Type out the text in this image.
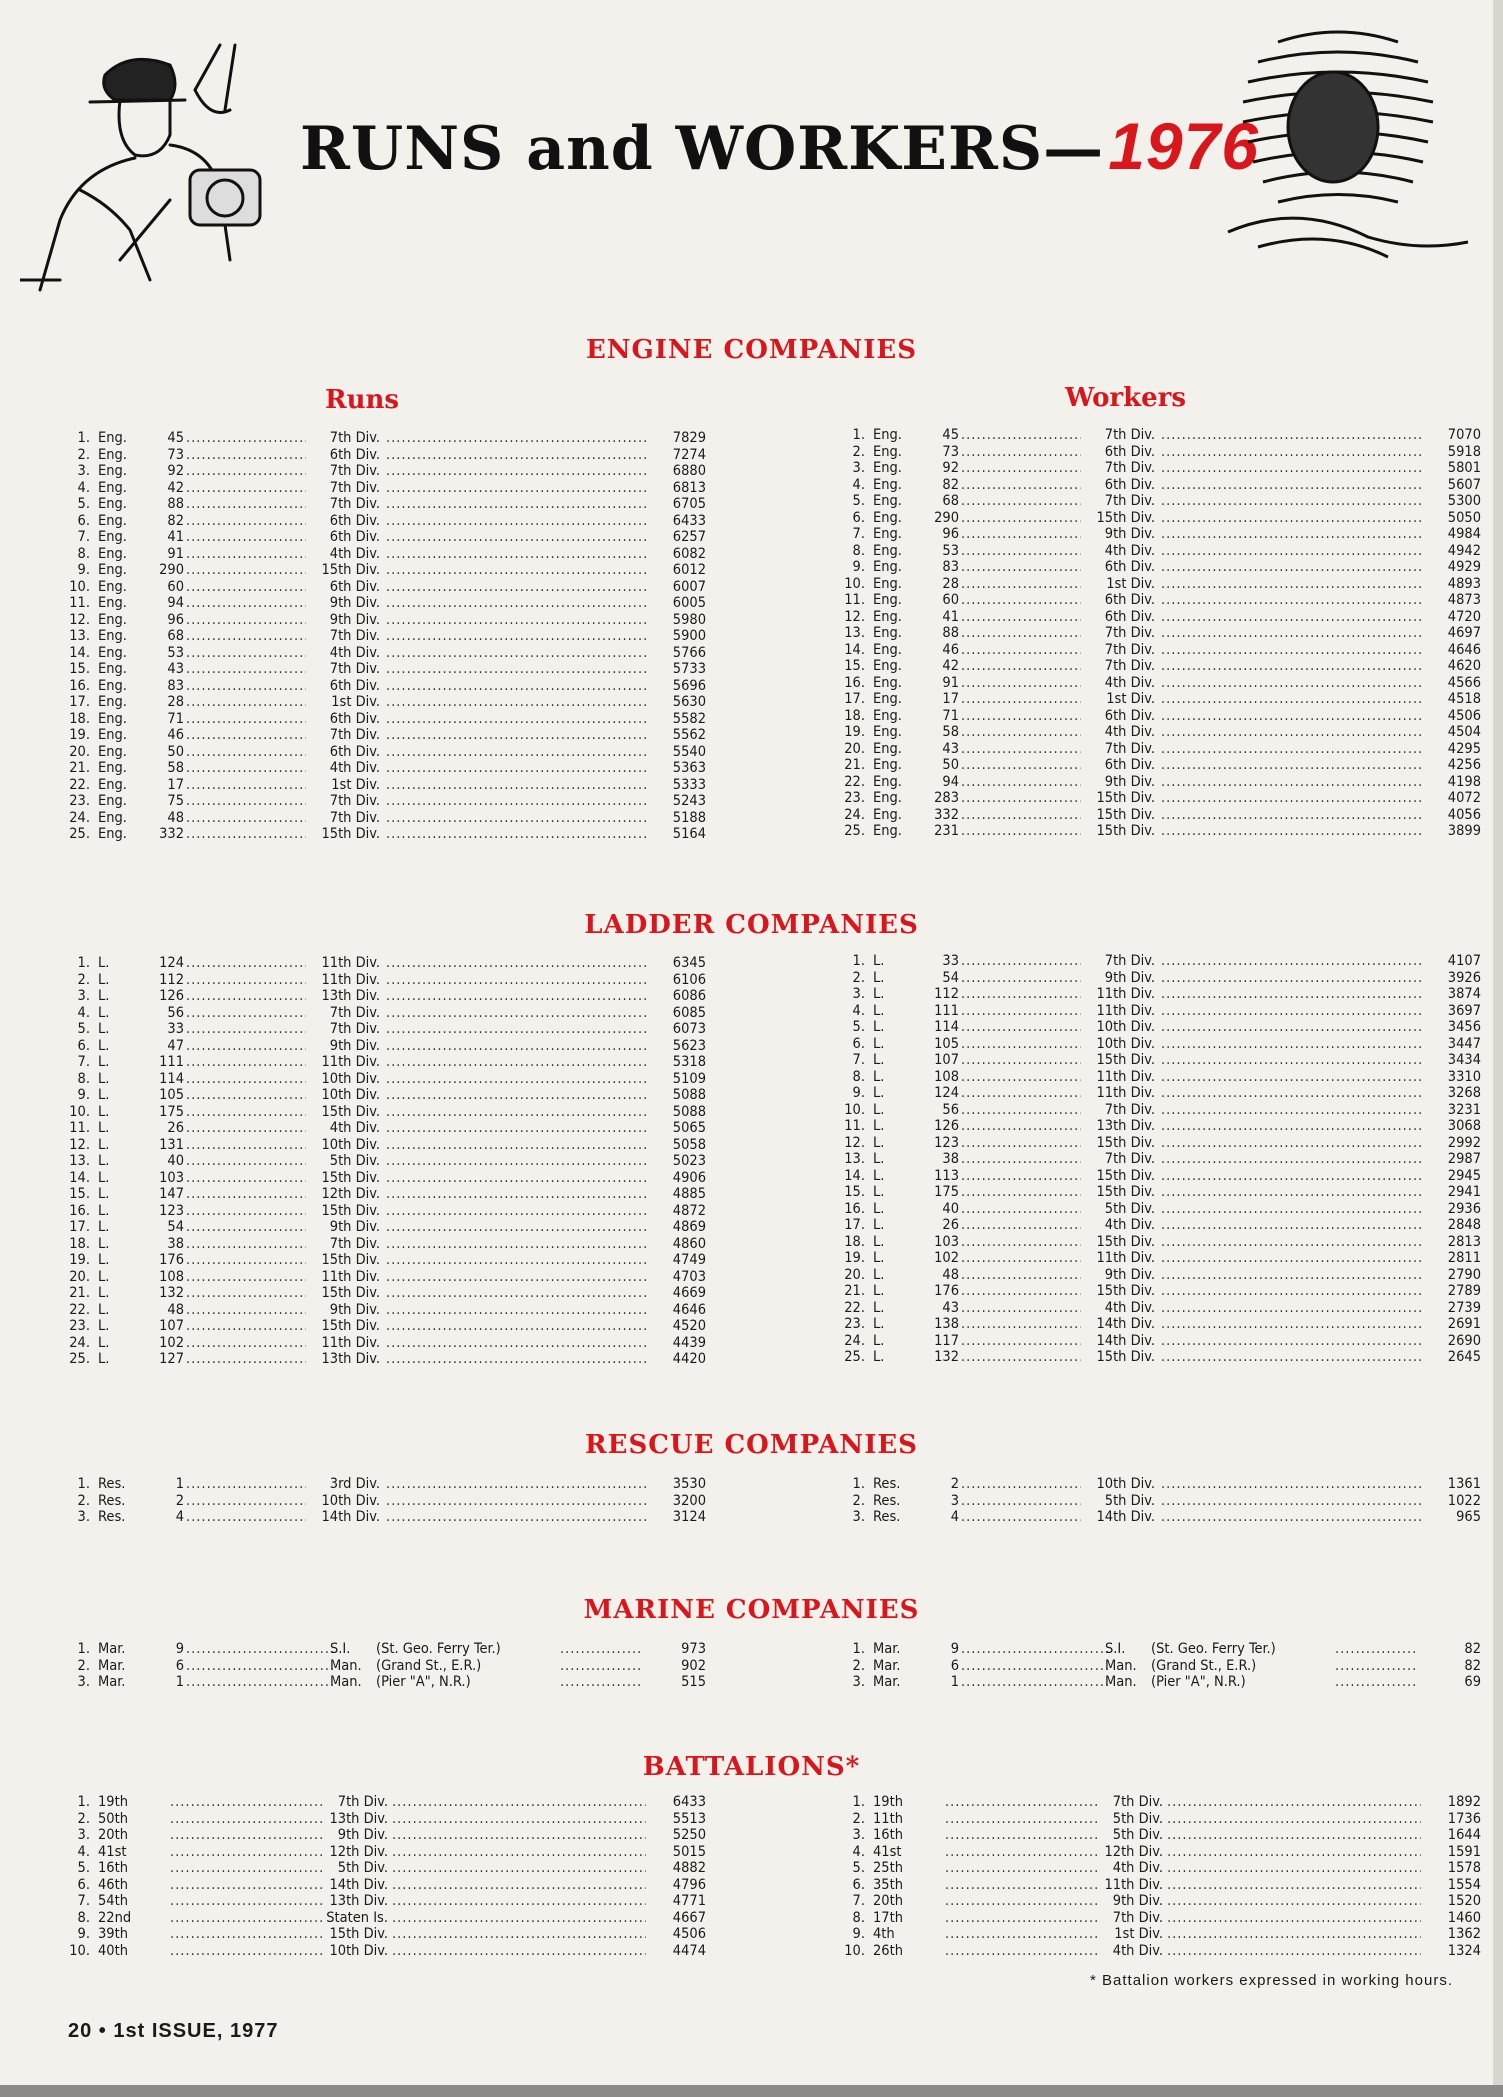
RUNS and WORKERS—1976
ENGINE COMPANIES
Runs	Workers
1. Eng.	45 .....	7th Div. .....	7829
2. Eng.	73 .....	6th Div. .....	7274
3. Eng.	92 .....	7th Div. .....	6880
4. Eng.	42 .....	7th Div. .....	6813
5. Eng.	88 .....	7th Div. .....	6705
6. Eng.	82 .....	6th Div. .....	6433
7. Eng.	41 .....	6th Div. .....	6257
8. Eng.	91 .....	4th Div. .....	6082
9. Eng.	290 .....	15th Div. .....	6012
10. Eng.	60 .....	6th Div. .....	6007
11. Eng.	94 .....	9th Div. .....	6005
12. Eng.	96 .....	9th Div. .....	5980
13. Eng.	68 .....	7th Div. .....	5900
14. Eng.	53 .....	4th Div. .....	5766
15. Eng.	43 .....	7th Div. .....	5733
16. Eng.	83 .....	6th Div. .....	5696
17. Eng.	28 .....	1st Div. .....	5630
18. Eng.	71 .....	6th Div. .....	5582
19. Eng.	46 .....	7th Div. .....	5562
20. Eng.	50 .....	6th Div. .....	5540
21. Eng.	58 .....	4th Div. .....	5363
22. Eng.	17 .....	1st Div. .....	5333
23. Eng.	75 .....	7th Div. .....	5243
24. Eng.	48 .....	7th Div. .....	5188
25. Eng.	332 .....	15th Div. .....	5164
1. Eng.	45 .....	7th Div. .....	7070
2. Eng.	73 .....	6th Div. .....	5918
3. Eng.	92 .....	7th Div. .....	5801
4. Eng.	82 .....	6th Div. .....	5607
5. Eng.	68 .....	7th Div. .....	5300
6. Eng.	290 .....	15th Div. .....	5050
7. Eng.	96 .....	9th Div. .....	4984
8. Eng.	53 .....	4th Div. .....	4942
9. Eng.	83 .....	6th Div. .....	4929
10. Eng.	28 .....	1st Div. .....	4893
11. Eng.	60 .....	6th Div. .....	4873
12. Eng.	41 .....	6th Div. .....	4720
13. Eng.	88 .....	7th Div. .....	4697
14. Eng.	46 .....	7th Div. .....	4646
15. Eng.	42 .....	7th Div. .....	4620
16. Eng.	91 .....	4th Div. .....	4566
17. Eng.	17 .....	1st Div. .....	4518
18. Eng.	71 .....	6th Div. .....	4506
19. Eng.	58 .....	4th Div. .....	4504
20. Eng.	43 .....	7th Div. .....	4295
21. Eng.	50 .....	6th Div. .....	4256
22. Eng.	94 .....	9th Div. .....	4198
23. Eng.	283 .....	15th Div. .....	4072
24. Eng.	332 .....	15th Div. .....	4056
25. Eng.	231 .....	15th Div. .....	3899
LADDER COMPANIES
1. L.	124 .....	11th Div. .....	6345
2. L.	112 .....	11th Div. .....	6106
3. L.	126 .....	13th Div. .....	6086
4. L.	56 .....	7th Div. .....	6085
5. L.	33 .....	7th Div. .....	6073
6. L.	47 .....	9th Div. .....	5623
7. L.	111 .....	11th Div. .....	5318
8. L.	114 .....	10th Div. .....	5109
9. L.	105 .....	10th Div. .....	5088
10. L.	175 .....	15th Div. .....	5088
11. L.	26 .....	4th Div. .....	5065
12. L.	131 .....	10th Div. .....	5058
13. L.	40 .....	5th Div. .....	5023
14. L.	103 .....	15th Div. .....	4906
15. L.	147 .....	12th Div. .....	4885
16. L.	123 .....	15th Div. .....	4872
17. L.	54 .....	9th Div. .....	4869
18. L.	38 .....	7th Div. .....	4860
19. L.	176 .....	15th Div. .....	4749
20. L.	108 .....	11th Div. .....	4703
21. L.	132 .....	15th Div. .....	4669
22. L.	48 .....	9th Div. .....	4646
23. L.	107 .....	15th Div. .....	4520
24. L.	102 .....	11th Div. .....	4439
25. L.	127 .....	13th Div. .....	4420
1. L.	33 .....	7th Div. .....	4107
2. L.	54 .....	9th Div. .....	3926
3. L.	112 .....	11th Div. .....	3874
4. L.	111 .....	11th Div. .....	3697
5. L.	114 .....	10th Div. .....	3456
6. L.	105 .....	10th Div. .....	3447
7. L.	107 .....	15th Div. .....	3434
8. L.	108 .....	11th Div. .....	3310
9. L.	124 .....	11th Div. .....	3268
10. L.	56 .....	7th Div. .....	3231
11. L.	126 .....	13th Div. .....	3068
12. L.	123 .....	15th Div. .....	2992
13. L.	38 .....	7th Div. .....	2987
14. L.	113 .....	15th Div. .....	2945
15. L.	175 .....	15th Div. .....	2941
16. L.	40 .....	5th Div. .....	2936
17. L.	26 .....	4th Div. .....	2848
18. L.	103 .....	15th Div. .....	2813
19. L.	102 .....	11th Div. .....	2811
20. L.	48 .....	9th Div. .....	2790
21. L.	176 .....	15th Div. .....	2789
22. L.	43 .....	4th Div. .....	2739
23. L.	138 .....	14th Div. .....	2691
24. L.	117 .....	14th Div. .....	2690
25. L.	132 .....	15th Div. .....	2645
RESCUE COMPANIES
1. Res.	1 .....	3rd Div. .....	3530
2. Res.	2 .....	10th Div. .....	3200
3. Res.	4 .....	14th Div. .....	3124
1. Res.	2 .....	10th Div. .....	1361
2. Res.	3 .....	5th Div. .....	1022
3. Res.	4 .....	14th Div. .....	965
MARINE COMPANIES
1. Mar.	9 .....	S.I. (St. Geo. Ferry Ter.) .....	973
2. Mar.	6 .....	Man. (Grand St., E.R.) .....	902
3. Mar.	1 .....	Man. (Pier "A", N.R.) .....	515
1. Mar.	9 .....	S.I. (St. Geo. Ferry Ter.) .....	82
2. Mar.	6 .....	Man. (Grand St., E.R.) .....	82
3. Mar.	1 .....	Man. (Pier "A", N.R.) .....	69
BATTALIONS*
1. 19th .....	7th Div. .....	6433
2. 50th .....	13th Div. .....	5513
3. 20th .....	9th Div. .....	5250
4. 41st .....	12th Div. .....	5015
5. 16th .....	5th Div. .....	4882
6. 46th .....	14th Div. .....	4796
7. 54th .....	13th Div. .....	4771
8. 22nd .....	Staten Is. .....	4667
9. 39th .....	15th Div. .....	4506
10. 40th .....	10th Div. .....	4474
1. 19th .....	7th Div. .....	1892
2. 11th .....	5th Div. .....	1736
3. 16th .....	5th Div. .....	1644
4. 41st .....	12th Div. .....	1591
5. 25th .....	4th Div. .....	1578
6. 35th .....	11th Div. .....	1554
7. 20th .....	9th Div. .....	1520
8. 17th .....	7th Div. .....	1460
9. 4th .....	1st Div. .....	1362
10. 26th .....	4th Div. .....	1324

* Battalion workers expressed in working hours.

20 • 1st ISSUE, 1977
